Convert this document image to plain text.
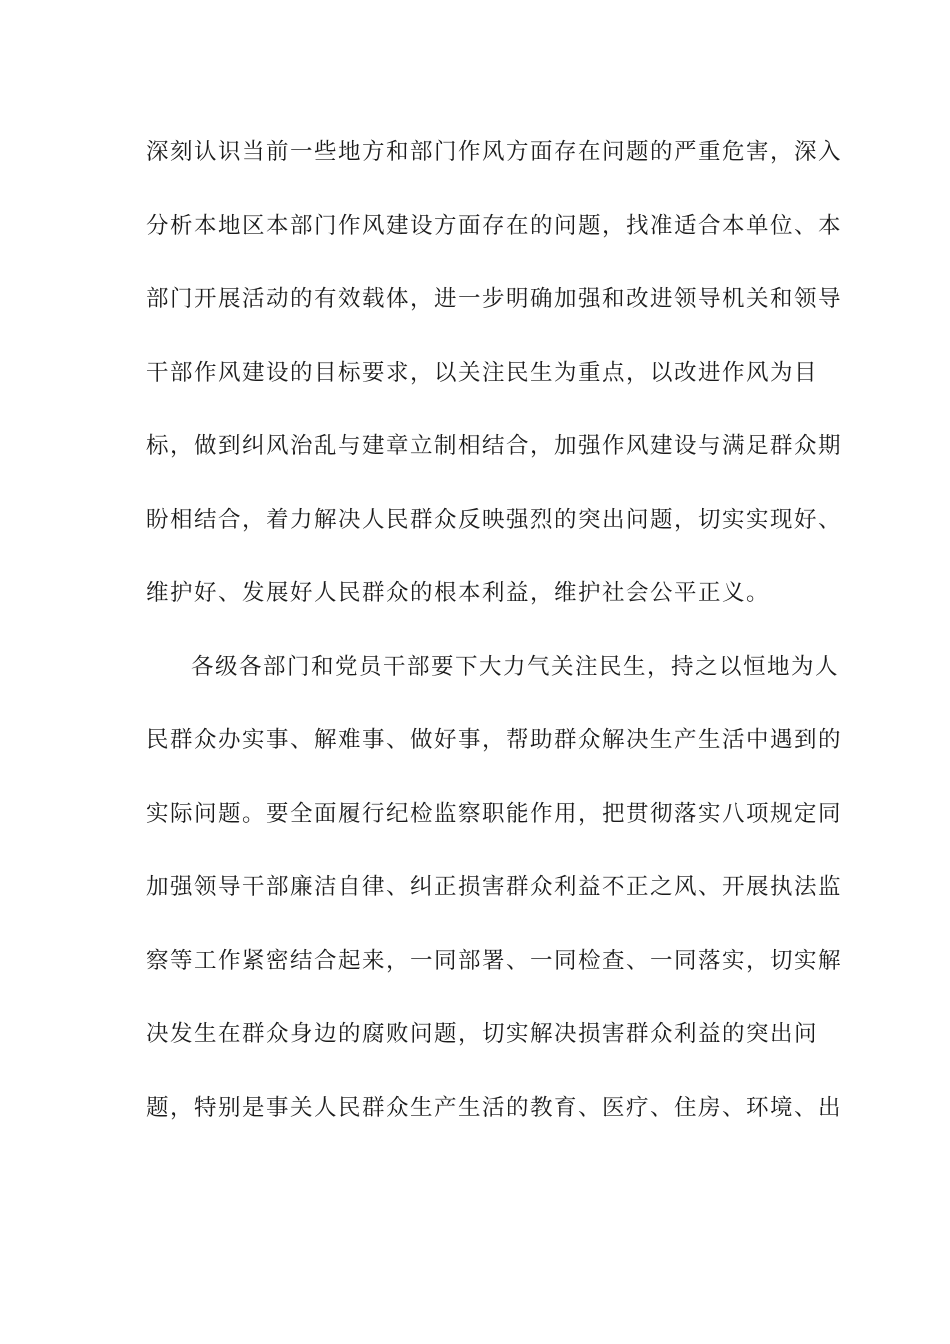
深刻认识当前一些地方和部门作风方面存在问题的严重危害，深入
分析本地区本部门作风建设方面存在的问题，找准适合本单位、本
部门开展活动的有效载体，进一步明确加强和改进领导机关和领导
干部作风建设的目标要求，以关注民生为重点，以改进作风为目
标，做到纠风治乱与建章立制相结合，加强作风建设与满足群众期
盼相结合，着力解决人民群众反映强烈的突出问题，切实实现好、
维护好、发展好人民群众的根本利益，维护社会公平正义。
各级各部门和党员干部要下大力气关注民生，持之以恒地为人
民群众办实事、解难事、做好事，帮助群众解决生产生活中遇到的
实际问题。要全面履行纪检监察职能作用，把贯彻落实八项规定同
加强领导干部廉洁自律、纠正损害群众利益不正之风、开展执法监
察等工作紧密结合起来，一同部署、一同检查、一同落实，切实解
决发生在群众身边的腐败问题，切实解决损害群众利益的突出问
题，特别是事关人民群众生产生活的教育、医疗、住房、环境、出
